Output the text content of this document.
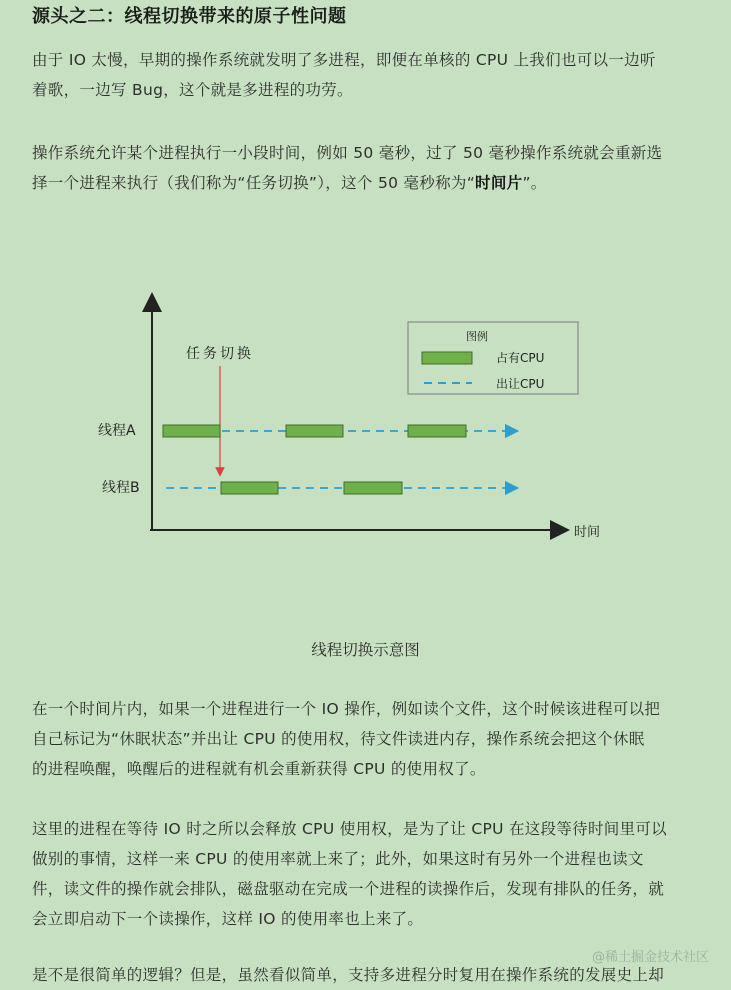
源头之二：线程切换带来的原子性问题
由于 IO 太慢，早期的操作系统就发明了多进程，即便在单核的 CPU 上我们也可以一边听
着歌，一边写 Bug，这个就是多进程的功劳。
操作系统允许某个进程执行一小段时间，例如 50 毫秒，过了 50 毫秒操作系统就会重新选
择一个进程来执行（我们称为“任务切换”），这个 50 毫秒称为“时间片”。
时间
图例
占有CPU
出让CPU
任务切换
线程A
线程B
线程切换示意图
在一个时间片内，如果一个进程进行一个 IO 操作，例如读个文件，这个时候该进程可以把
自己标记为“休眠状态”并出让 CPU 的使用权，待文件读进内存，操作系统会把这个休眠
的进程唤醒，唤醒后的进程就有机会重新获得 CPU 的使用权了。
这里的进程在等待 IO 时之所以会释放 CPU 使用权，是为了让 CPU 在这段等待时间里可以
做别的事情，这样一来 CPU 的使用率就上来了；此外，如果这时有另外一个进程也读文
件，读文件的操作就会排队，磁盘驱动在完成一个进程的读操作后，发现有排队的任务，就
会立即启动下一个读操作，这样 IO 的使用率也上来了。
是不是很简单的逻辑？但是，虽然看似简单，支持多进程分时复用在操作系统的发展史上却
@稀土掘金技术社区
